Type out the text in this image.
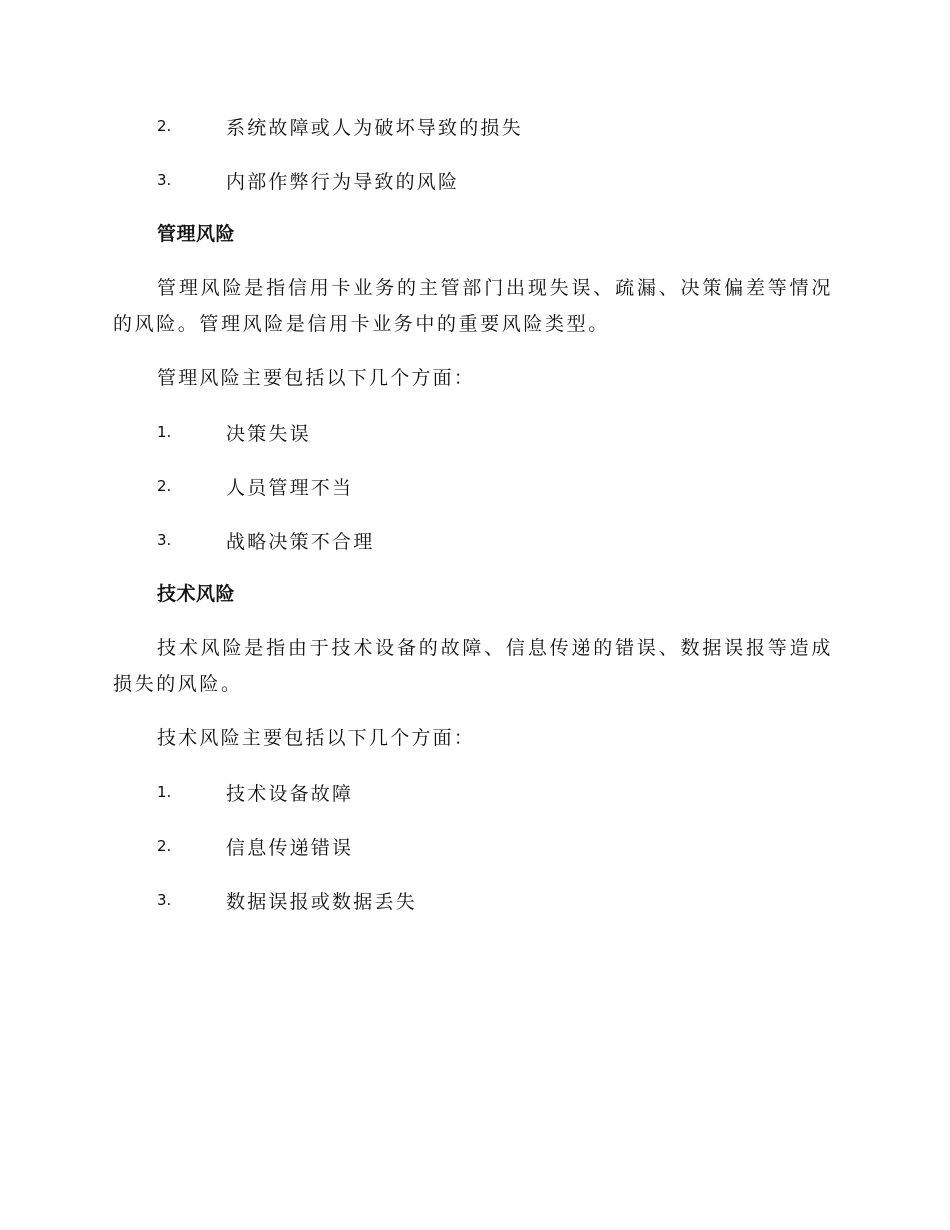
2.	系统故障或人为破坏导致的损失
3.	内部作弊行为导致的风险
管理风险
管理风险是指信用卡业务的主管部门出现失误、疏漏、决策偏差等情况的风险。管理风险是信用卡业务中的重要风险类型。
管理风险主要包括以下几个方面：
1.	决策失误
2.	人员管理不当
3.	战略决策不合理
技术风险
技术风险是指由于技术设备的故障、信息传递的错误、数据误报等造成损失的风险。
技术风险主要包括以下几个方面：
1.	技术设备故障
2.	信息传递错误
3.	数据误报或数据丢失
